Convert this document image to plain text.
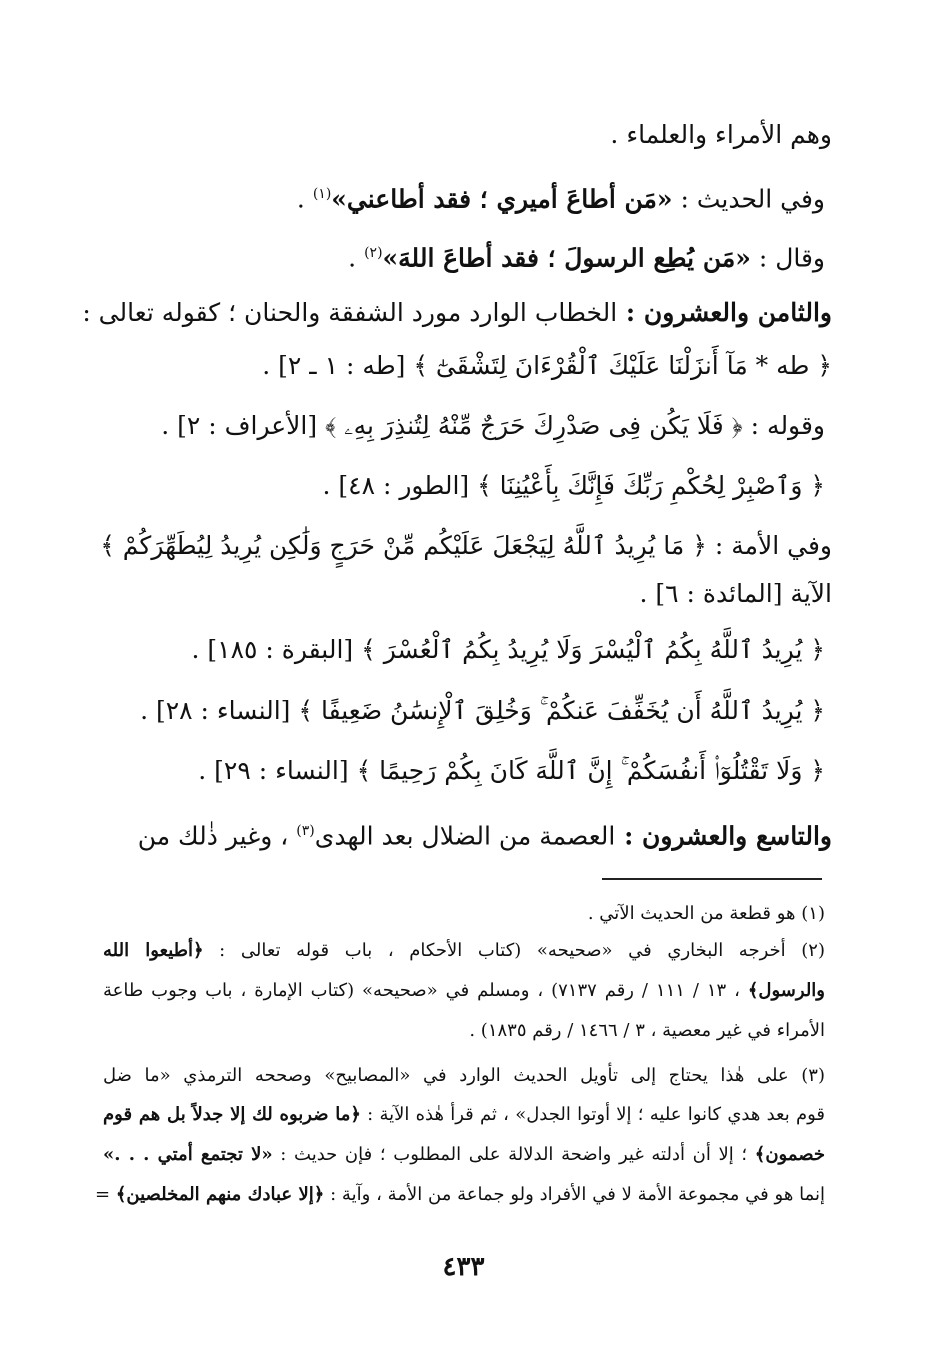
وهم الأمراء والعلماء .
وفي الحديث : «مَن أطاعَ أميري ؛ فقد أطاعني»$^{(١)}$ .
وقال : «مَن يُطِع الرسولَ ؛ فقد أطاعَ اللهَ»$^{(٢)}$ .
والثامن والعشرون : الخطاب الوارد مورد الشفقة والحنان ؛ كقوله تعالى :
﴿ طه * مَآ أَنزَلْنَا عَلَيْكَ ٱلْقُرْءَانَ لِتَشْقَىٰٓ ﴾ [طه : ١ ـ ٢] .
وقوله : ﴿ فَلَا يَكُن فِى صَدْرِكَ حَرَجٌ مِّنْهُ لِتُنذِرَ بِهِۦ ﴾ [الأعراف : ٢] .
﴿ وَٱصْبِرْ لِحُكْمِ رَبِّكَ فَإِنَّكَ بِأَعْيُنِنَا ﴾ [الطور : ٤٨] .
وفي الأمة : ﴿ مَا يُرِيدُ ٱللَّهُ لِيَجْعَلَ عَلَيْكُم مِّنْ حَرَجٍ وَلَٰكِن يُرِيدُ لِيُطَهِّرَكُمْ ﴾
الآية [المائدة : ٦] .
﴿ يُرِيدُ ٱللَّهُ بِكُمُ ٱلْيُسْرَ وَلَا يُرِيدُ بِكُمُ ٱلْعُسْرَ ﴾ [البقرة : ١٨٥] .
﴿ يُرِيدُ ٱللَّهُ أَن يُخَفِّفَ عَنكُمْ ۚ وَخُلِقَ ٱلْإِنسَٰنُ ضَعِيفًا ﴾ [النساء : ٢٨] .
﴿ وَلَا تَقْتُلُوٓا۟ أَنفُسَكُمْ ۚ إِنَّ ٱللَّهَ كَانَ بِكُمْ رَحِيمًا ﴾ [النساء : ٢٩] .
والتاسع والعشرون : العصمة من الضلال بعد الهدى$^{(٣)}$ ، وغير ذٰلك من
(١) هو قطعة من الحديث الآتي .
(٢) أخرجه البخاري في «صحيحه» (كتاب الأحكام ، باب قوله تعالى : ﴿أطيعوا الله
والرسول﴾ ، ١٣ / ١١١ / رقم ٧١٣٧) ، ومسلم في «صحيحه» (كتاب الإمارة ، باب وجوب طاعة
الأمراء في غير معصية ، ٣ / ١٤٦٦ / رقم ١٨٣٥) .
(٣) على هٰذا يحتاج إلى تأويل الحديث الوارد في «المصابيح» وصححه الترمذي «ما ضل
قوم بعد هدي كانوا عليه ؛ إلا أوتوا الجدل» ، ثم قرأ هٰذه الآية : ﴿ما ضربوه لك إلا جدلاً بل هم قوم
خصمون﴾ ؛ إلا أن أدلته غير واضحة الدلالة على المطلوب ؛ فإن حديث : «لا تجتمع أمتي . . .»
إنما هو في مجموعة الأمة لا في الأفراد ولو جماعة من الأمة ، وآية : ﴿إلا عبادك منهم المخلصين﴾ =
٤٣٣
